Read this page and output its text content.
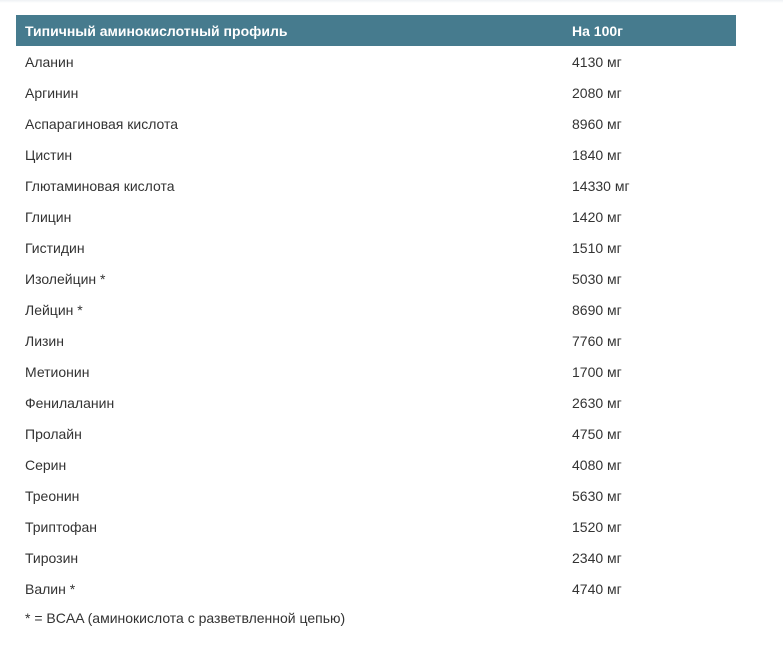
Типичный аминокислотный профиль	На 100г
Аланин	4130 мг
Аргинин	2080 мг
Аспарагиновая кислота	8960 мг
Цистин	1840 мг
Глютаминовая кислота	14330 мг
Глицин	1420 мг
Гистидин	1510 мг
Изолейцин *	5030 мг
Лейцин *	8690 мг
Лизин	7760 мг
Метионин	1700 мг
Фенилаланин	2630 мг
Пролайн	4750 мг
Серин	4080 мг
Треонин	5630 мг
Триптофан	1520 мг
Тирозин	2340 мг
Валин *	4740 мг
* = BCAA (аминокислота с разветвленной цепью)
